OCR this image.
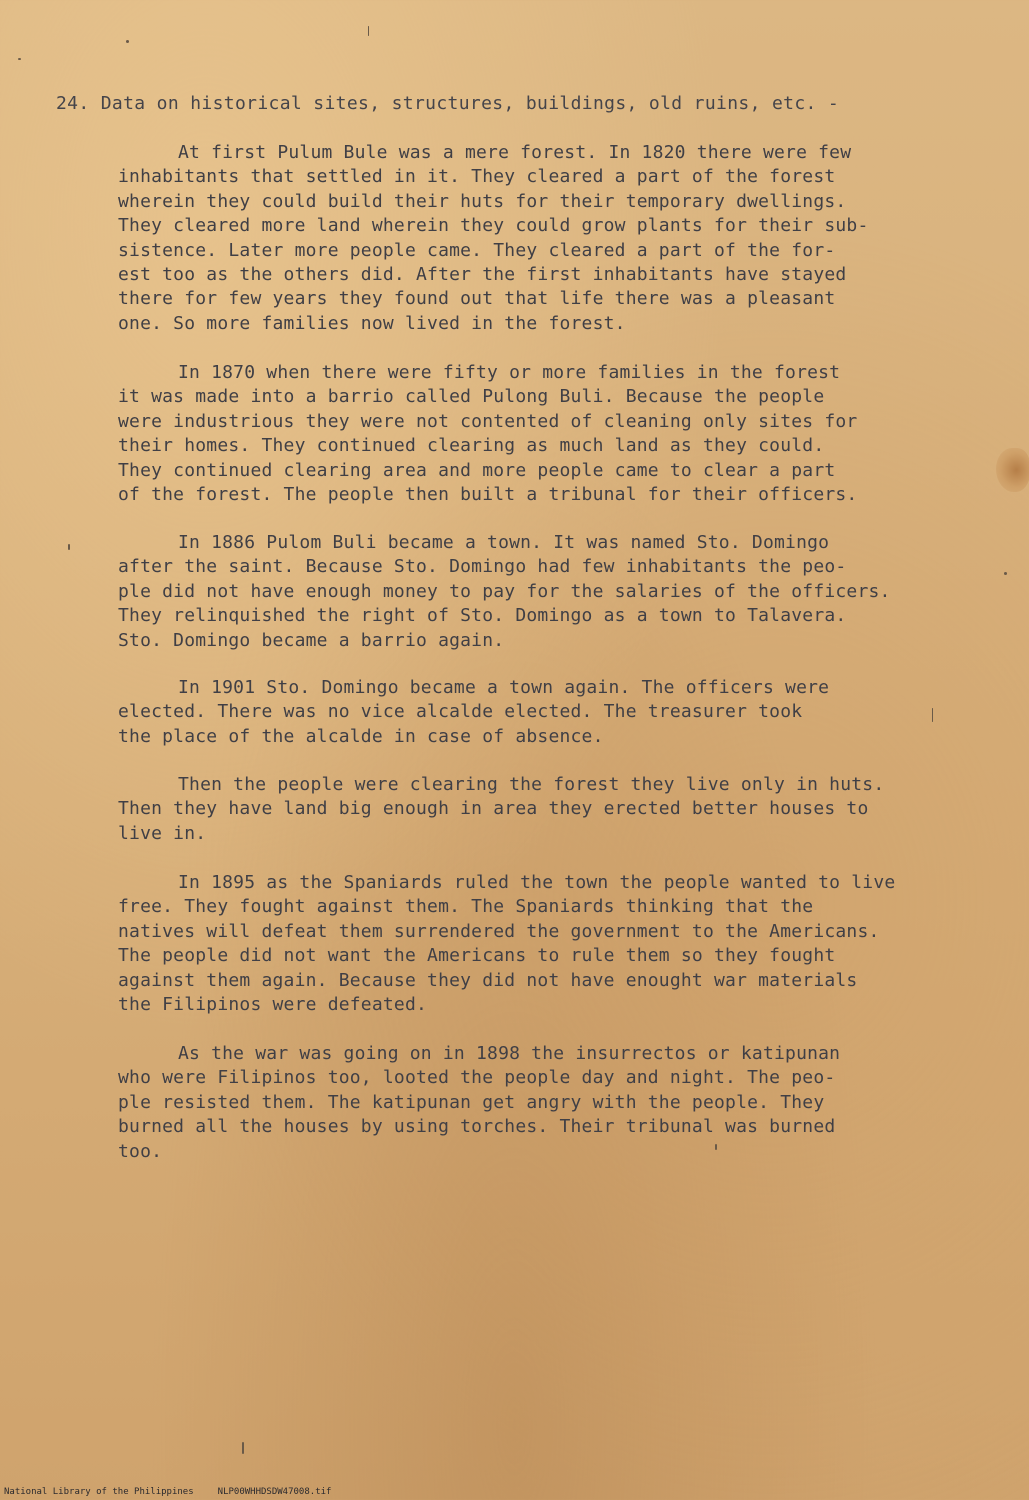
24. Data on historical sites, structures, buildings, old ruins, etc. -
At first Pulum Bule was a mere forest. In 1820 there were few
inhabitants that settled in it. They cleared a part of the forest
wherein they could build their huts for their temporary dwellings.
They cleared more land wherein they could grow plants for their sub-
sistence. Later more people came. They cleared a part of the for-
est too as the others did. After the first inhabitants have stayed
there for few years they found out that life there was a pleasant
one. So more families now lived in the forest.
In 1870 when there were fifty or more families in the forest
it was made into a barrio called Pulong Buli. Because the people
were industrious they were not contented of cleaning only sites for
their homes. They continued clearing as much land as they could.
They continued clearing area and more people came to clear a part
of the forest. The people then built a tribunal for their officers.
In 1886 Pulom Buli became a town. It was named Sto. Domingo
after the saint. Because Sto. Domingo had few inhabitants the peo-
ple did not have enough money to pay for the salaries of the officers.
They relinquished the right of Sto. Domingo as a town to Talavera.
Sto. Domingo became a barrio again.
In 1901 Sto. Domingo became a town again. The officers were
elected. There was no vice alcalde elected. The treasurer took
the place of the alcalde in case of absence.
Then the people were clearing the forest they live only in huts.
Then they have land big enough in area they erected better houses to
live in.
In 1895 as the Spaniards ruled the town the people wanted to live
free. They fought against them. The Spaniards thinking that the
natives will defeat them surrendered the government to the Americans.
The people did not want the Americans to rule them so they fought
against them again. Because they did not have enought war materials
the Filipinos were defeated.
As the war was going on in 1898 the insurrectos or katipunan
who were Filipinos too, looted the people day and night. The peo-
ple resisted them. The katipunan get angry with the people. They
burned all the houses by using torches. Their tribunal was burned
too.
National Library of the Philippines	NLP00WHHDSDW47008.tif
